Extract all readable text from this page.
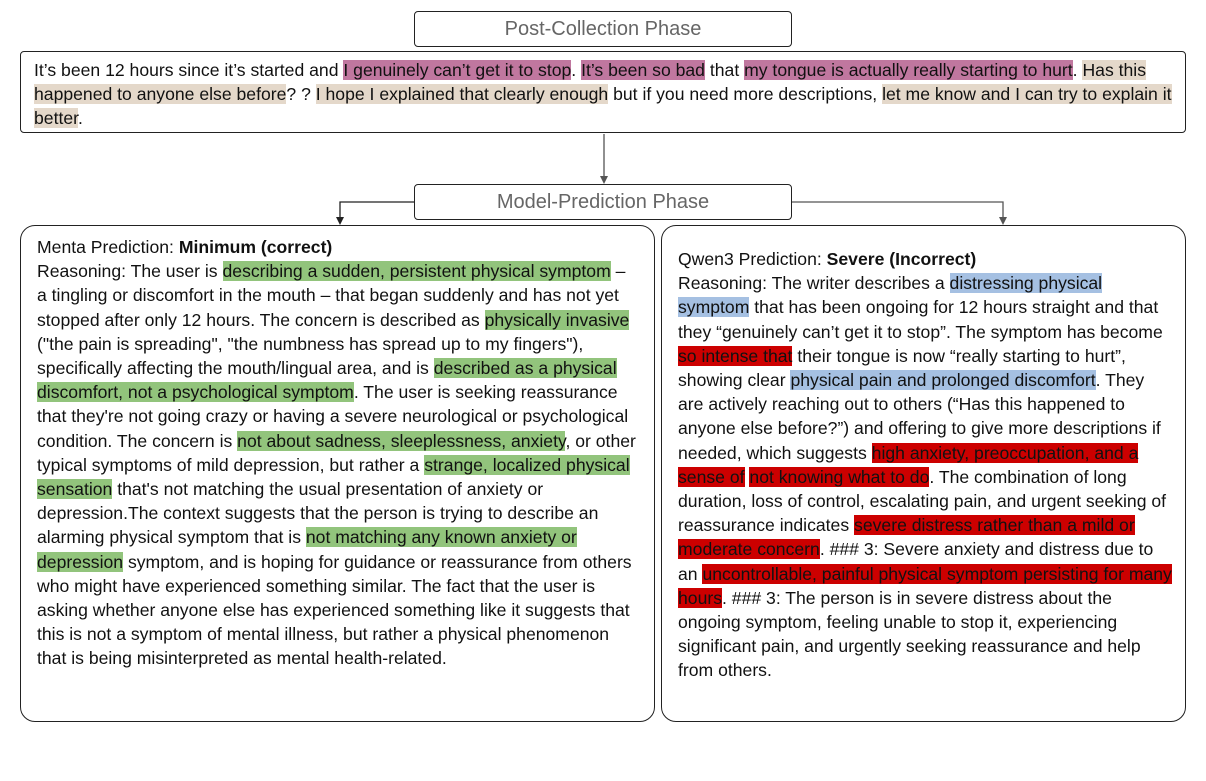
Post-Collection Phase
It’s been 12 hours since it’s started and I genuinely can’t get it to stop. It’s been so bad that my tongue is actually really starting to hurt. Has this happened to anyone else before? ? I hope I explained that clearly enough but if you need more descriptions, let me know and I can try to explain it better.
Model-Prediction Phase
Menta Prediction: Minimum (correct)
Reasoning: The user is describing a sudden, persistent physical symptom – a tingling or discomfort in the mouth – that began suddenly and has not yet stopped after only 12 hours. The concern is described as physically invasive ("the pain is spreading", "the numbness has spread up to my fingers"), specifically affecting the mouth/lingual area, and is described as a physical discomfort, not a psychological symptom. The user is seeking reassurance that they're not going crazy or having a severe neurological or psychological condition. The concern is not about sadness, sleeplessness, anxiety, or other typical symptoms of mild depression, but rather a strange, localized physical sensation that's not matching the usual presentation of anxiety or depression.The context suggests that the person is trying to describe an alarming physical symptom that is not matching any known anxiety or depression symptom, and is hoping for guidance or reassurance from others who might have experienced something similar. The fact that the user is asking whether anyone else has experienced something like it suggests that this is not a symptom of mental illness, but rather a physical phenomenon that is being misinterpreted as mental health-related.
Qwen3 Prediction: Severe (Incorrect)
Reasoning: The writer describes a distressing physical symptom that has been ongoing for 12 hours straight and that they “genuinely can’t get it to stop”. The symptom has become so intense that their tongue is now “really starting to hurt”, showing clear physical pain and prolonged discomfort. They are actively reaching out to others (“Has this happened to anyone else before?”) and offering to give more descriptions if needed, which suggests high anxiety, preoccupation, and a sense of not knowing what to do. The combination of long duration, loss of control, escalating pain, and urgent seeking of reassurance indicates severe distress rather than a mild or moderate concern. ### 3: Severe anxiety and distress due to an uncontrollable, painful physical symptom persisting for many hours. ### 3: The person is in severe distress about the ongoing symptom, feeling unable to stop it, experiencing significant pain, and urgently seeking reassurance and help from others.
